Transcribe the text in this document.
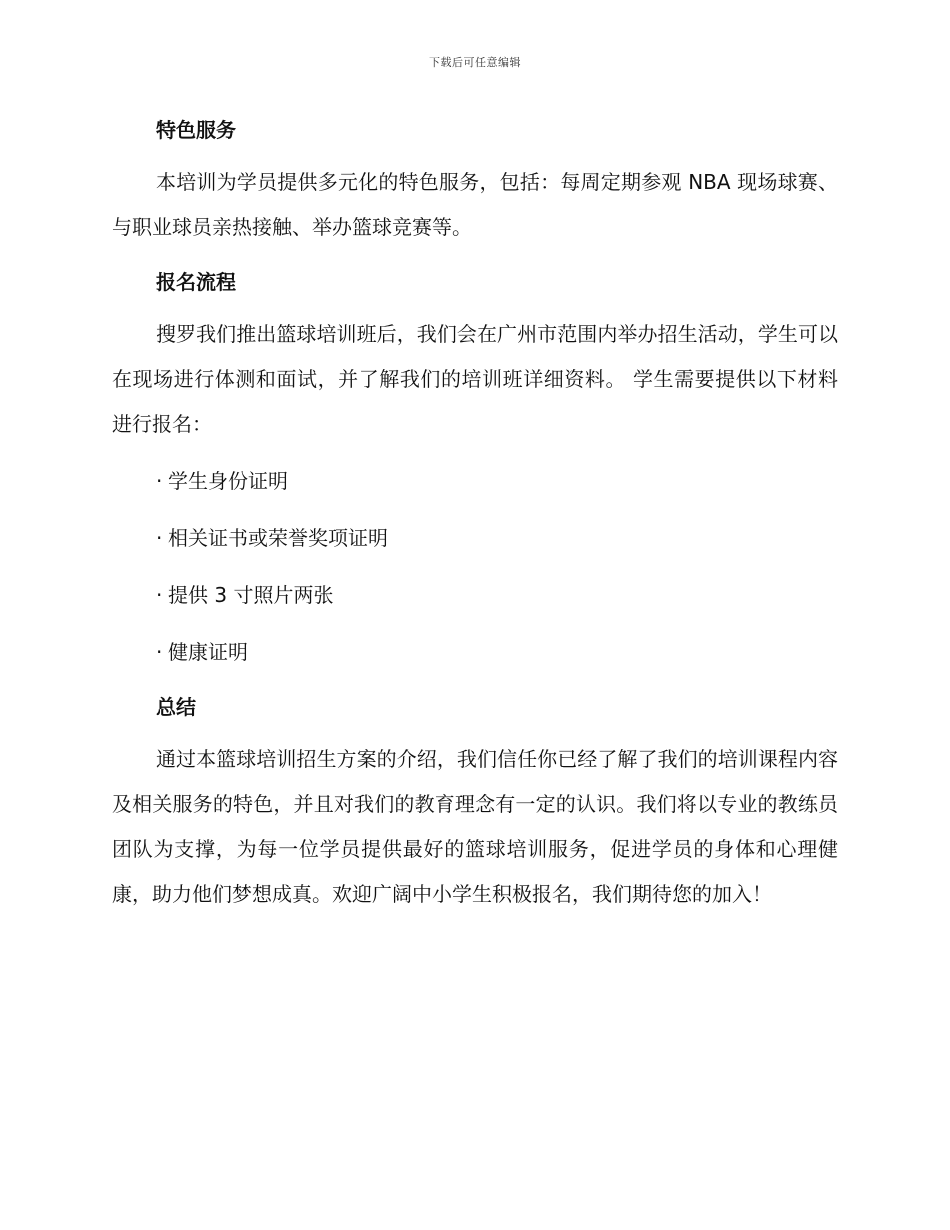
下载后可任意编辑
特色服务

本培训为学员提供多元化的特色服务，包括：每周定期参观 NBA 现场球赛、与职业球员亲热接触、举办篮球竞赛等。

报名流程

搜罗我们推出篮球培训班后，我们会在广州市范围内举办招生活动，学生可以在现场进行体测和面试，并了解我们的培训班详细资料。 学生需要提供以下材料进行报名：

· 学生身份证明

· 相关证书或荣誉奖项证明

· 提供 3 寸照片两张

· 健康证明

总结

通过本篮球培训招生方案的介绍，我们信任你已经了解了我们的培训课程内容及相关服务的特色，并且对我们的教育理念有一定的认识。我们将以专业的教练员团队为支撑，为每一位学员提供最好的篮球培训服务，促进学员的身体和心理健康，助力他们梦想成真。欢迎广阔中小学生积极报名，我们期待您的加入！
